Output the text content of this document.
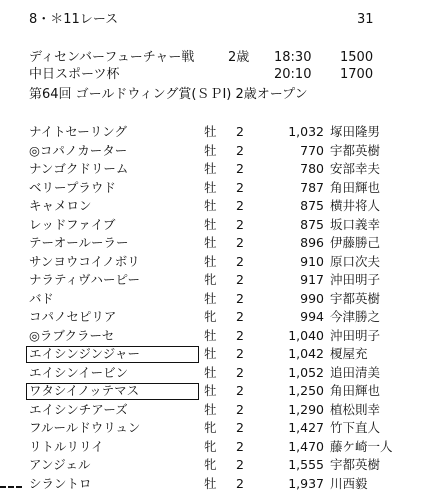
8・＊11レース	31
ディセンバーフューチャー戦	2歳 18:30 1500
中日スポーツ杯	20:10 1700
第64回 ゴールドウィング賞(ＳＰⅠ) 2歳オープン
ナイトセーリング	牡 2	1,032 塚田隆男
◎コパノカーター	牡 2	770 宇都英樹
ナンゴクドリーム	牡 2	780 安部幸夫
ベリープラウド	牡 2	787 角田輝也
キャメロン	牡 2	875 横井将人
レッドファイブ	牡 2	875 坂口義幸
テーオールーラー	牡 2	896 伊藤勝己
サンヨウコイノボリ	牡 2	910 原口次夫
ナラティヴハーピー	牝 2	917 沖田明子
バド	牡 2	990 宇都英樹
コパノセピリア	牝 2	994 今津勝之
◎ラブクラーセ	牡 2	1,040 沖田明子
エイシンジンジャー	牡 2	1,042 榎屋充
エイシンイービン	牡 2	1,052 追田清美
ワタシイノッテマス	牡 2	1,250 角田輝也
エイシンチアーズ	牡 2	1,290 植松則幸
フルールドウリュン	牝 2	1,427 竹下直人
リトルリリイ	牝 2	1,470 藤ケ崎一人
アンジェル	牝 2	1,555 宇都英樹
シラントロ	牡 2	1,937 川西毅
